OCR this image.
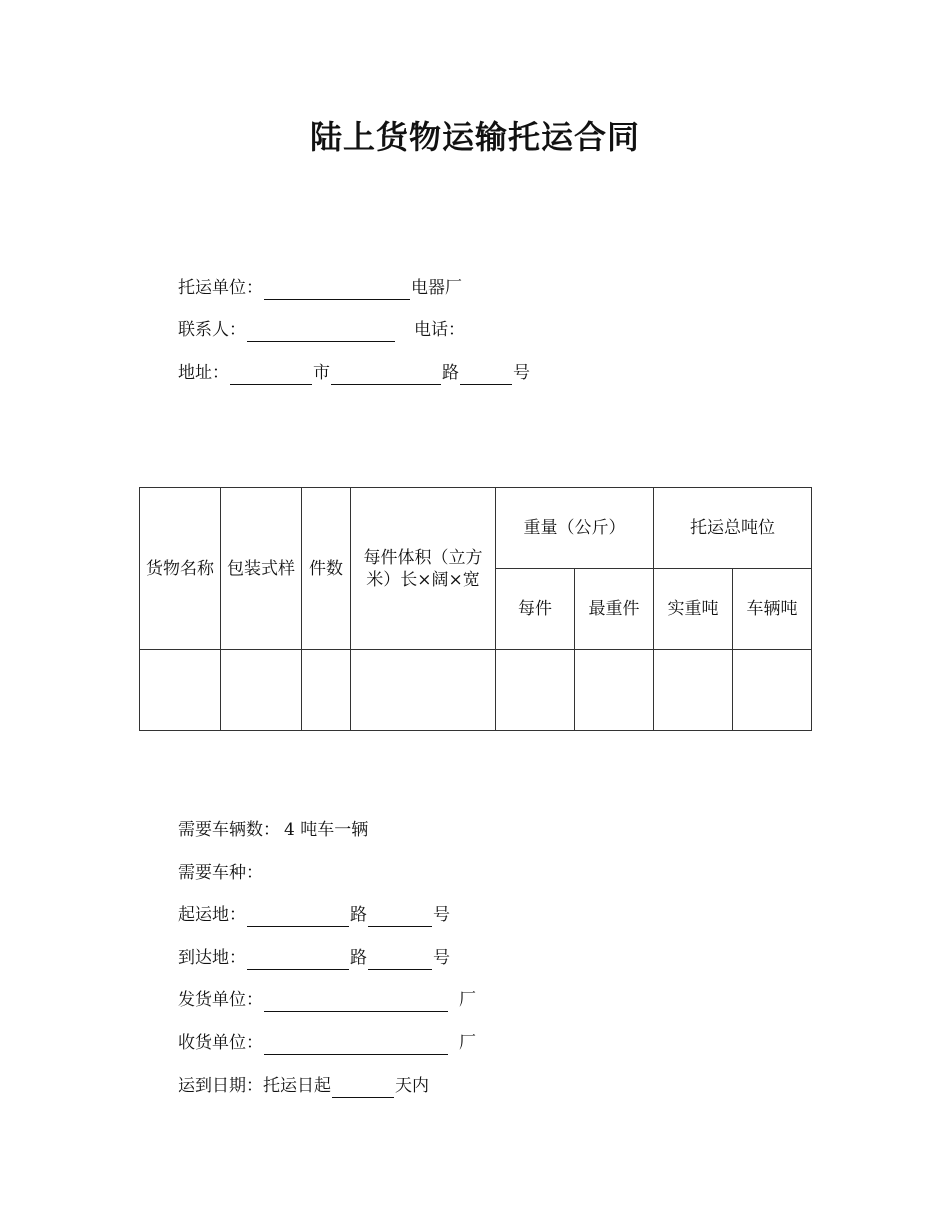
陆上货物运输托运合同
托运单位：	电器厂
联系人：	电话：
地址：	市	路	号
货物名称	包装式样	件数	每件体积（立方米）长×阔×宽	重量（公斤）		托运总吨位	
				每件	最重件	实重吨	车辆吨

需要车辆数： 4 吨车一辆
需要车种：
起运地：	路	号
到达地：	路	号
发货单位：	厂
收货单位：	厂
运到日期：托运日起	天内
